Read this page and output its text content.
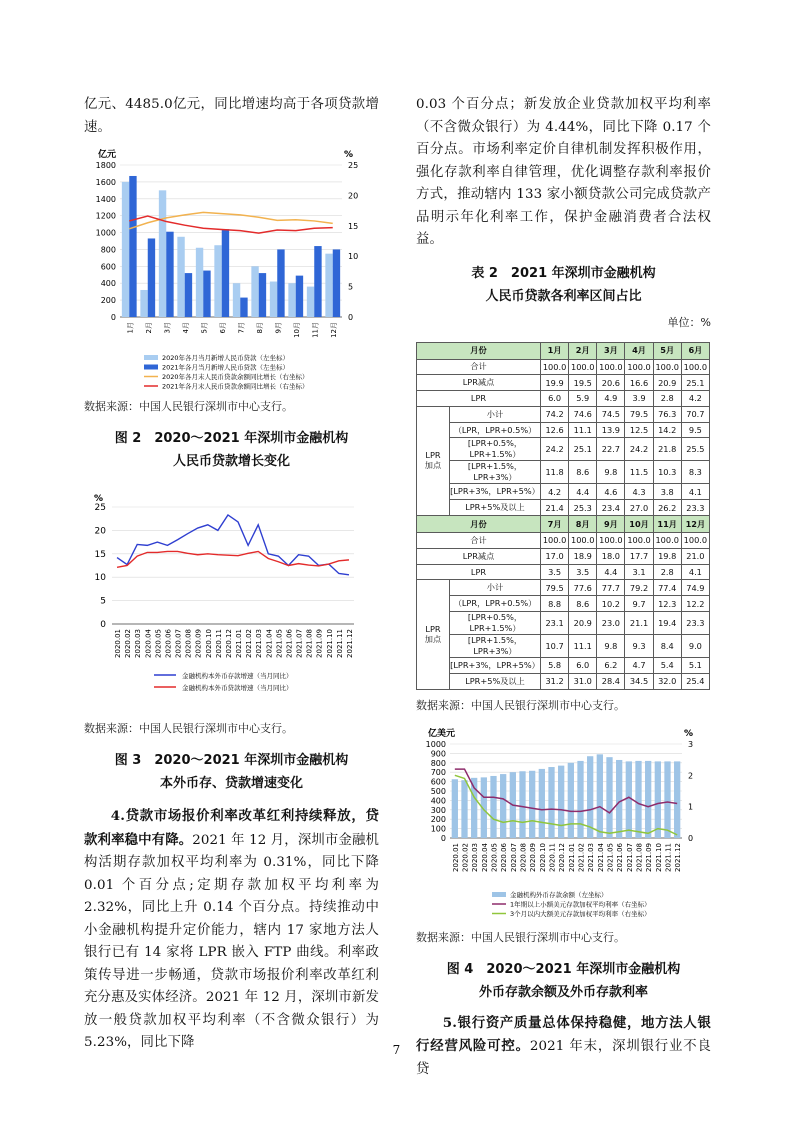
亿元、4485.0亿元，同比增速均高于各项贷款增速。

0
200
400
600
800
1000
1200
1400
1600
1800
0
5
10
15
20
25
亿元	%
1月 2月 3月 4月 5月 6月 7月 8月 9月 10月 11月 12月
2020年各月当月新增人民币贷款（左坐标）
2021年各月当月新增人民币贷款（左坐标）
2020年各月末人民币贷款余额同比增长（右坐标）
2021年各月末人民币贷款余额同比增长（右坐标）

数据来源：中国人民银行深圳市中心支行。

图 2　2020～2021 年深圳市金融机构

人民币贷款增长变化

0
5
10
15
20
25
%
2020.01 2020.02 2020.03 2020.04 2020.05 2020.06 2020.07 2020.08 2020.09 2020.10 2020.11 2020.12 2021.01 2021.02 2021.03 2021.04 2021.05 2021.06 2021.07 2021.08 2021.09 2021.10 2021.11 2021.12
金融机构本外币存款增速（当月同比）
金融机构本外币贷款增速（当月同比）

数据来源：中国人民银行深圳市中心支行。

图 3　2020～2021 年深圳市金融机构

本外币存、贷款增速变化

4.贷款市场报价利率改革红利持续释放，贷款利率稳中有降。2021 年 12 月，深圳市金融机构活期存款加权平均利率为 0.31%，同比下降 0.01 个百分点;定期存款加权平均利率为 2.32%，同比上升 0.14 个百分点。持续推动中小金融机构提升定价能力，辖内 17 家地方法人银行已有 14 家将 LPR 嵌入 FTP 曲线。利率政策传导进一步畅通，贷款市场报价利率改革红利充分惠及实体经济。2021 年 12 月，深圳市新发放一般贷款加权平均利率（不含微众银行）为 5.23%，同比下降

0.03 个百分点；新发放企业贷款加权平均利率（不含微众银行）为 4.44%，同比下降 0.17 个百分点。市场利率定价自律机制发挥积极作用，强化存款利率自律管理，优化调整存款利率报价方式，推动辖内 133 家小额贷款公司完成贷款产品明示年化利率工作，保护金融消费者合法权益。

表 2　2021 年深圳市金融机构

人民币贷款各利率区间占比

单位：%

月份		1月	2月	3月	4月	5月	6月
合计		100.0	100.0	100.0	100.0	100.0	100.0
LPR减点		19.9	19.5	20.6	16.6	20.9	25.1
LPR		6.0	5.9	4.9	3.9	2.8	4.2

LPR
加点	小计	74.2	74.6	74.5	79.5	76.3	70.7
	（LPR，LPR+0.5%）	12.6	11.1	13.9	12.5	14.2	9.5
	[LPR+0.5%，LPR+1.5%）	24.2	25.1	22.7	24.2	21.8	25.5
	[LPR+1.5%，LPR+3%）	11.8	8.6	9.8	11.5	10.3	8.3
	[LPR+3%，LPR+5%）	4.2	4.4	4.6	4.3	3.8	4.1
	LPR+5%及以上	21.4	25.3	23.4	27.0	26.2	23.3
月份		7月	8月	9月	10月	11月	12月
合计		100.0	100.0	100.0	100.0	100.0	100.0
LPR减点		17.0	18.9	18.0	17.7	19.8	21.0
LPR		3.5	3.5	4.4	3.1	2.8	4.1

LPR
加点	小计	79.5	77.6	77.7	79.2	77.4	74.9
	（LPR，LPR+0.5%）	8.8	8.6	10.2	9.7	12.3	12.2
	[LPR+0.5%，LPR+1.5%）	23.1	20.9	23.0	21.1	19.4	23.3
	[LPR+1.5%，LPR+3%）	10.7	11.1	9.8	9.3	8.4	9.0
	[LPR+3%，LPR+5%）	5.8	6.0	6.2	4.7	5.4	5.1
	LPR+5%及以上	31.2	31.0	28.4	34.5	32.0	25.4

数据来源：中国人民银行深圳市中心支行。

0
100
200
300
400
500
600
700
800
900
1000
0
1
2
3
亿美元	%
2020.01 2020.02 2020.03 2020.04 2020.05 2020.06 2020.07 2020.08 2020.09 2020.10 2020.11 2020.12 2021.01 2021.02 2021.03 2021.04 2021.05 2021.06 2021.07 2021.08 2021.09 2021.10 2021.11 2021.12
金融机构外币存款余额（左坐标）
1年期以上小额美元存款加权平均利率（右坐标）
3个月以内大额美元存款加权平均利率（右坐标）

数据来源：中国人民银行深圳市中心支行。

图 4　2020～2021 年深圳市金融机构

外币存款余额及外币存款利率

5.银行资产质量总体保持稳健，地方法人银行经营风险可控。2021 年末，深圳银行业不良贷

7
